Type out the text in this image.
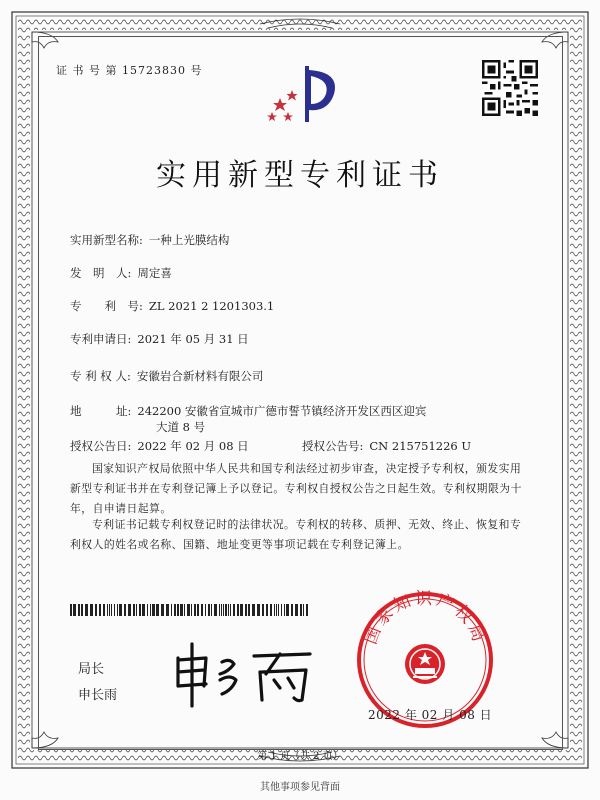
证 书 号 第 15723830 号
实用新型专利证书
实用新型名称: 一种上光膜结构
发　明　人: 周定喜
专　　利　号: ZL 2021 2 1201303.1
专利申请日: 2021 年 05 月 31 日
专 利 权 人: 安徽岩合新材料有限公司
地　　　址: 242200 安徽省宣城市广德市誓节镇经济开发区西区迎宾
大道 8 号
授权公告日: 2022 年 02 月 08 日	授权公告号: CN 215751226 U
国家知识产权局依照中华人民共和国专利法经过初步审查，决定授予专利权，颁发实用新型专利证书并在专利登记簿上予以登记。专利权自授权公告之日起生效。专利权期限为十年，自申请日起算。
专利证书记载专利权登记时的法律状况。专利权的转移、质押、无效、终止、恢复和专利权人的姓名或名称、国籍、地址变更等事项记载在专利登记簿上。
局长
申长雨
国家知识产权局
2022 年 02 月 08 日
第 1 页（共 2 页）
其他事项参见背面
